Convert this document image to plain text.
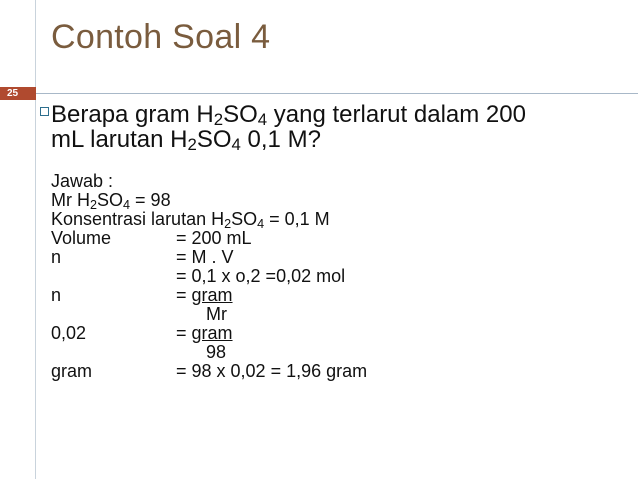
Contoh Soal 4
25
Berapa gram $H_2SO_4$ yang terlarut dalam 200
mL larutan $H_2SO_4$ 0,1 M?
Jawab :
Mr $H_2SO_4 = 98$
Konsentrasi larutan $H_2SO_4 = 0,1$ M
Volume	= 200 mL
n	= M . V
= 0,1 x o,2 =0,02 mol
n	= gram
Mr
0,02	= gram
98
gram	= 98 x 0,02 = 1,96 gram
